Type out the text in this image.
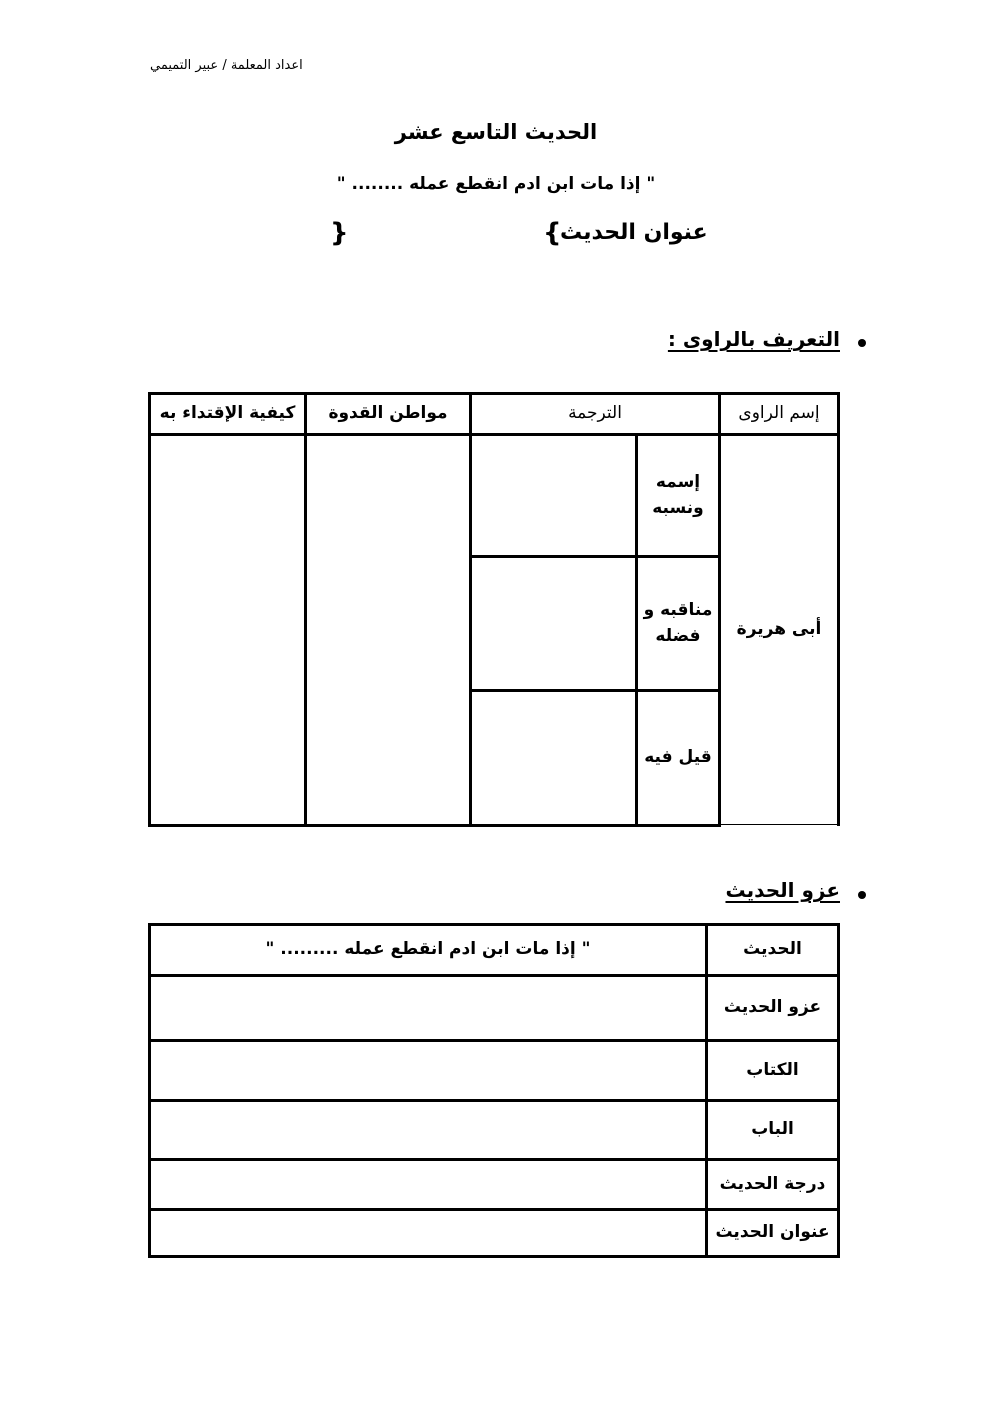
اعداد المعلمة / عبير التميمي
الحديث التاسع عشر
" إذا مات ابن ادم انقطع عمله ........ "
عنوان الحديث
{
}
التعريف بالراوى :
إسم الراوى
الترجمة
مواطن القدوة
كيفية الإقتداء به
أبى هريرة
إسمه ونسبه
مناقبه و فضله
قيل فيه
عزو الحديث
الحديث
" إذا مات ابن ادم انقطع عمله ......... "
عزو الحديث
الكتاب
الباب
درجة الحديث
عنوان الحديث
